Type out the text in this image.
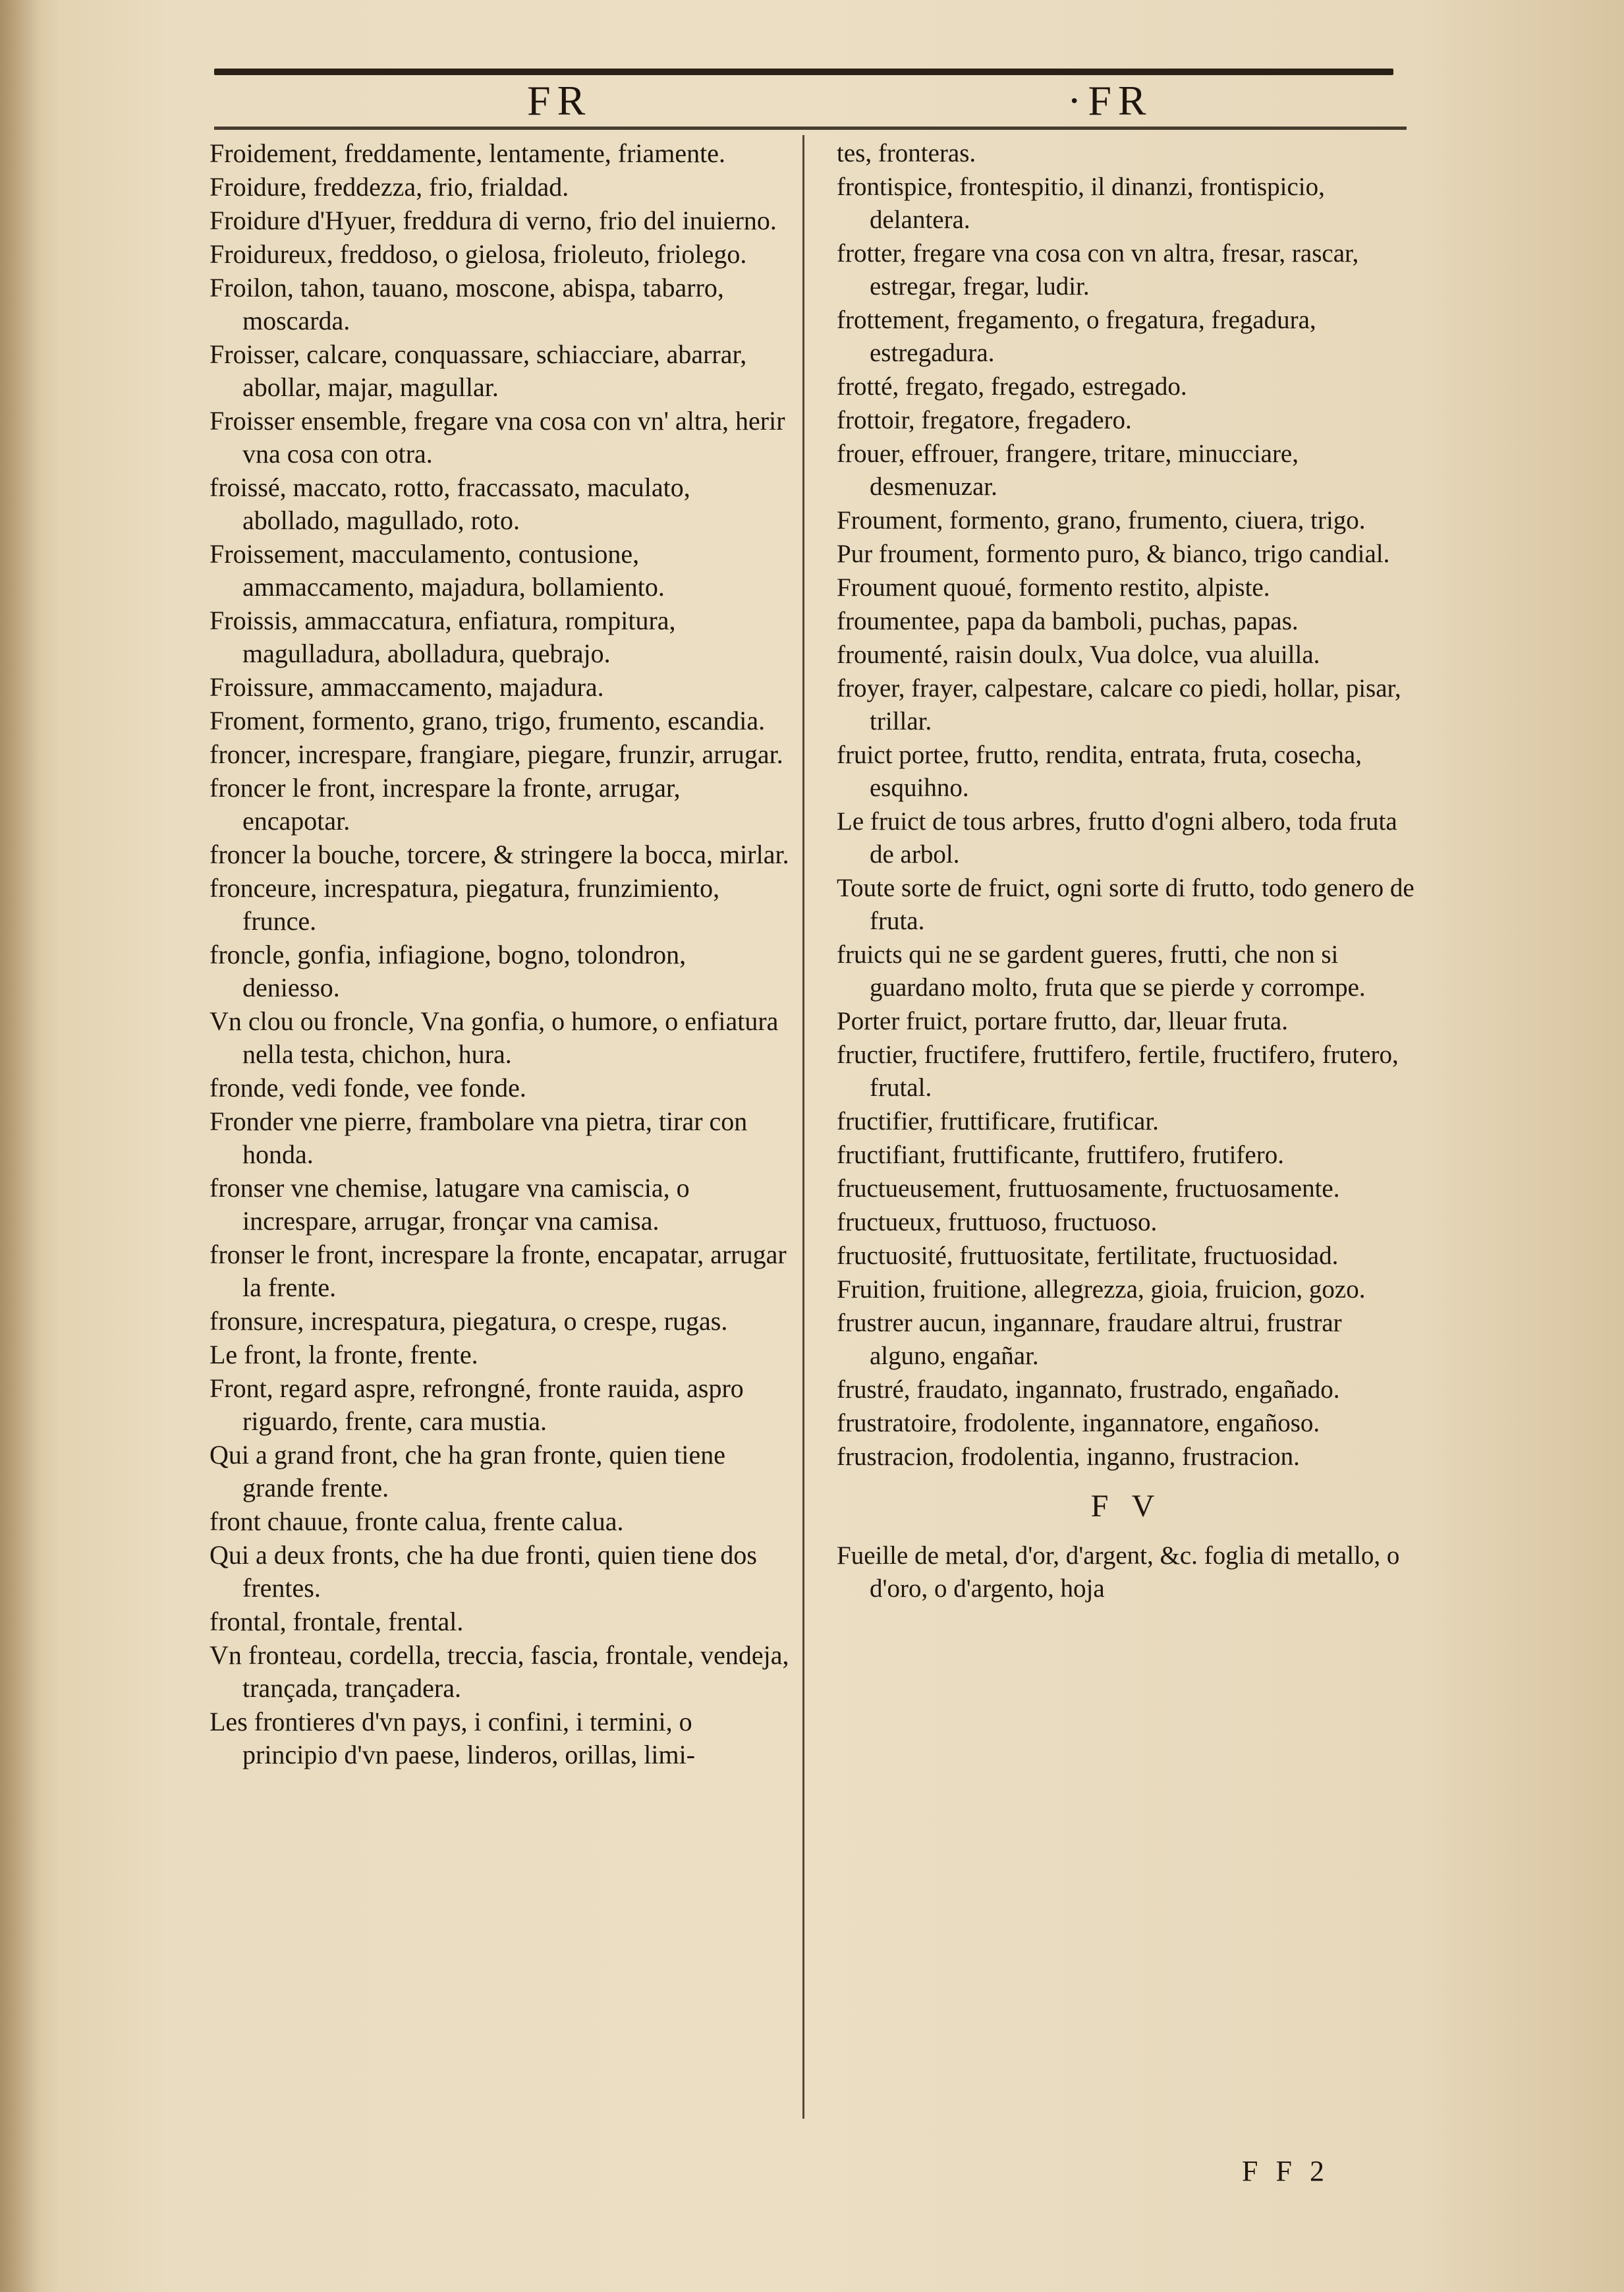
FR	·FR
Froidement, freddamente, lentamente, friamente.
Froidure, freddezza, frio, frialdad.
Froidure d'Hyuer, freddura di verno, frio del inuierno.
Froidureux, freddoso, o gielosa, frioleuto, friolego.
Froilon, tahon, tauano, moscone, abispa, tabarro, moscarda.
Froisser, calcare, conquassare, schiacciare, abarrar, abollar, majar, magullar.
Froisser ensemble, fregare vna cosa con vn' altra, herir vna cosa con otra.
froissé, maccato, rotto, fraccassato, maculato, abollado, magullado, roto.
Froissement, macculamento, contusione, ammaccamento, majadura, bollamiento.
Froissis, ammaccatura, enfiatura, rompitura, magulladura, abolladura, quebrajo.
Froissure, ammaccamento, majadura.
Froment, formento, grano, trigo, frumento, escandia.
froncer, increspare, frangiare, piegare, frunzir, arrugar.
froncer le front, increspare la fronte, arrugar, encapotar.
froncer la bouche, torcere, & stringere la bocca, mirlar.
fronceure, increspatura, piegatura, frunzimiento, frunce.
froncle, gonfia, infiagione, bogno, tolondron, deniesso.
Vn clou ou froncle, Vna gonfia, o humore, o enfiatura nella testa, chichon, hura.
fronde, vedi fonde, vee fonde.
Fronder vne pierre, frambolare vna pietra, tirar con honda.
fronser vne chemise, latugare vna camiscia, o increspare, arrugar, fronçar vna camisa.
fronser le front, increspare la fronte, encapatar, arrugar la frente.
fronsure, increspatura, piegatura, o crespe, rugas.
Le front, la fronte, frente.
Front, regard aspre, refrongné, fronte rauida, aspro riguardo, frente, cara mustia.
Qui a grand front, che ha gran fronte, quien tiene grande frente.
front chauue, fronte calua, frente calua.
Qui a deux fronts, che ha due fronti, quien tiene dos frentes.
frontal, frontale, frental.
Vn fronteau, cordella, treccia, fascia, frontale, vendeja, trançada, trançadera.
Les frontieres d'vn pays, i confini, i termini, o principio d'vn paese, linderos, orillas, limi-
tes, fronteras.
frontispice, frontespitio, il dinanzi, frontispicio, delantera.
frotter, fregare vna cosa con vn altra, fresar, rascar, estregar, fregar, ludir.
frottement, fregamento, o fregatura, fregadura, estregadura.
frotté, fregato, fregado, estregado.
frottoir, fregatore, fregadero.
frouer, effrouer, frangere, tritare, minucciare, desmenuzar.
Froument, formento, grano, frumento, ciuera, trigo.
Pur froument, formento puro, & bianco, trigo candial.
Froument quoué, formento restito, alpiste.
froumentee, papa da bamboli, puchas, papas.
froumenté, raisin doulx, Vua dolce, vua aluilla.
froyer, frayer, calpestare, calcare co piedi, hollar, pisar, trillar.
fruict portee, frutto, rendita, entrata, fruta, cosecha, esquihno.
Le fruict de tous arbres, frutto d'ogni albero, toda fruta de arbol.
Toute sorte de fruict, ogni sorte di frutto, todo genero de fruta.
fruicts qui ne se gardent gueres, frutti, che non si guardano molto, fruta que se pierde y corrompe.
Porter fruict, portare frutto, dar, lleuar fruta.
fructier, fructifere, fruttifero, fertile, fructifero, frutero, frutal.
fructifier, fruttificare, frutificar.
fructifiant, fruttificante, fruttifero, frutifero.
fructueusement, fruttuosamente, fructuosamente.
fructueux, fruttuoso, fructuoso.
fructuosité, fruttuositate, fertilitate, fructuosidad.
Fruition, fruitione, allegrezza, gioia, fruicion, gozo.
frustrer aucun, ingannare, fraudare altrui, frustrar alguno, engañar.
frustré, fraudato, ingannato, frustrado, engañado.
frustratoire, frodolente, ingannatore, engañoso.
frustracion, frodolentia, inganno, frustracion.
F V
Fueille de metal, d'or, d'argent, &c. foglia di metallo, o d'oro, o d'argento, hoja
F F 2
